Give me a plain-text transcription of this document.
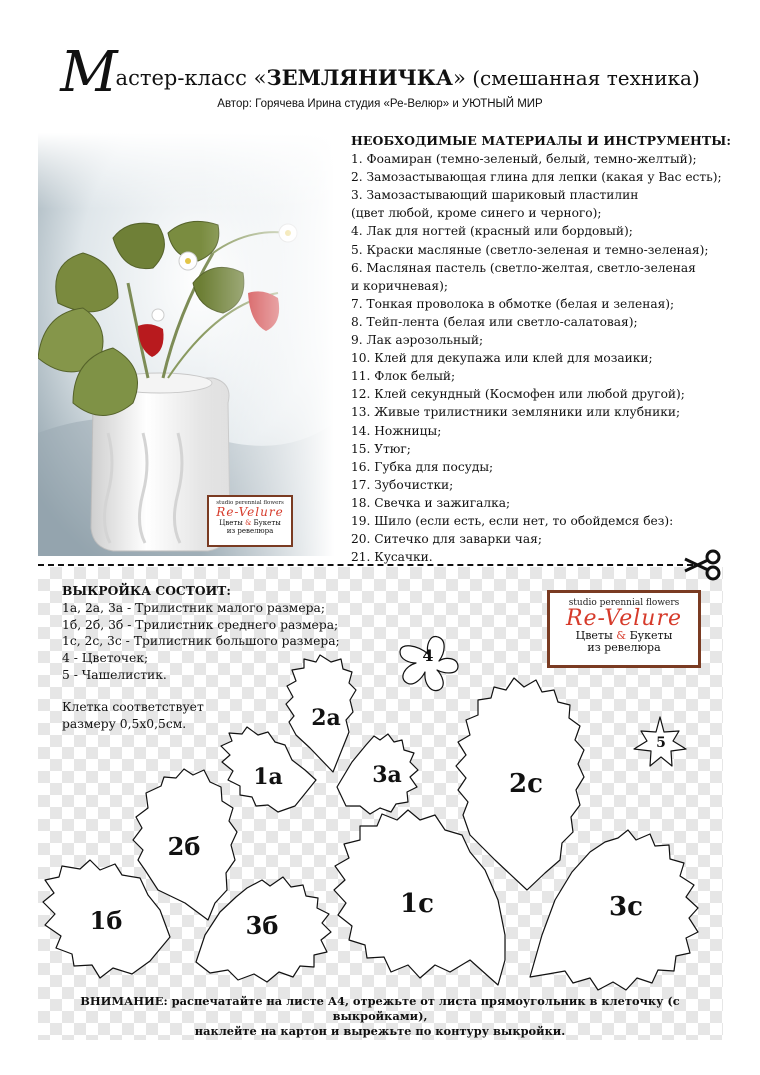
Мастер-класс «ЗЕМЛЯНИЧКА» (смешанная техника)
Автор: Горячева Ирина студия «Ре-Велюр» и УЮТНЫЙ МИР
studio perennial flowers
Re-Velure
Цветы & Букеты
из ревелюра
НЕОБХОДИМЫЕ МАТЕРИАЛЫ И ИНСТРУМЕНТЫ:
1. Фоамиран (темно-зеленый, белый, темно-желтый);
2. Замозастывающая глина для лепки (какая у Вас есть);
3. Замозастывающий шариковый пластилин
(цвет любой, кроме синего и черного);
4. Лак для ногтей (красный или бордовый);
5. Краски масляные (светло-зеленая и темно-зеленая);
6. Масляная пастель (светло-желтая, светло-зеленая
и коричневая);
7. Тонкая проволока в обмотке (белая и зеленая);
8. Тейп-лента (белая или светло-салатовая);
9. Лак аэрозольный;
10. Клей для декупажа или клей для мозаики;
11. Флок белый;
12. Клей секундный (Космофен или любой другой);
13. Живые трилистники земляники или клубники;
14. Ножницы;
15. Утюг;
16. Губка для посуды;
17. Зубочистки;
18. Свечка и зажигалка;
19. Шило (если есть, если нет, то обойдемся без):
20. Ситечко для заварки чая;
21. Кусачки.
ВЫКРОЙКА СОСТОИТ:
1а, 2а, 3а - Трилистник малого размера;
1б, 2б, 3б - Трилистник среднего размера;
1с, 2с, 3с - Трилистник большого размера;
4 - Цветочек;
5 - Чашелистик.
Клетка соответствует
размеру 0,5х0,5см.
studio perennial flowers
Re-Velure
Цветы & Букеты
из ревелюра
2а
1а	3а
2б
1б	3б
2с
1с	3с
4
5
ВНИМАНИЕ: распечатайте на листе А4, отрежьте от листа прямоугольник в клеточку (с выкройками),
наклейте на картон и вырежьте по контуру выкройки.
